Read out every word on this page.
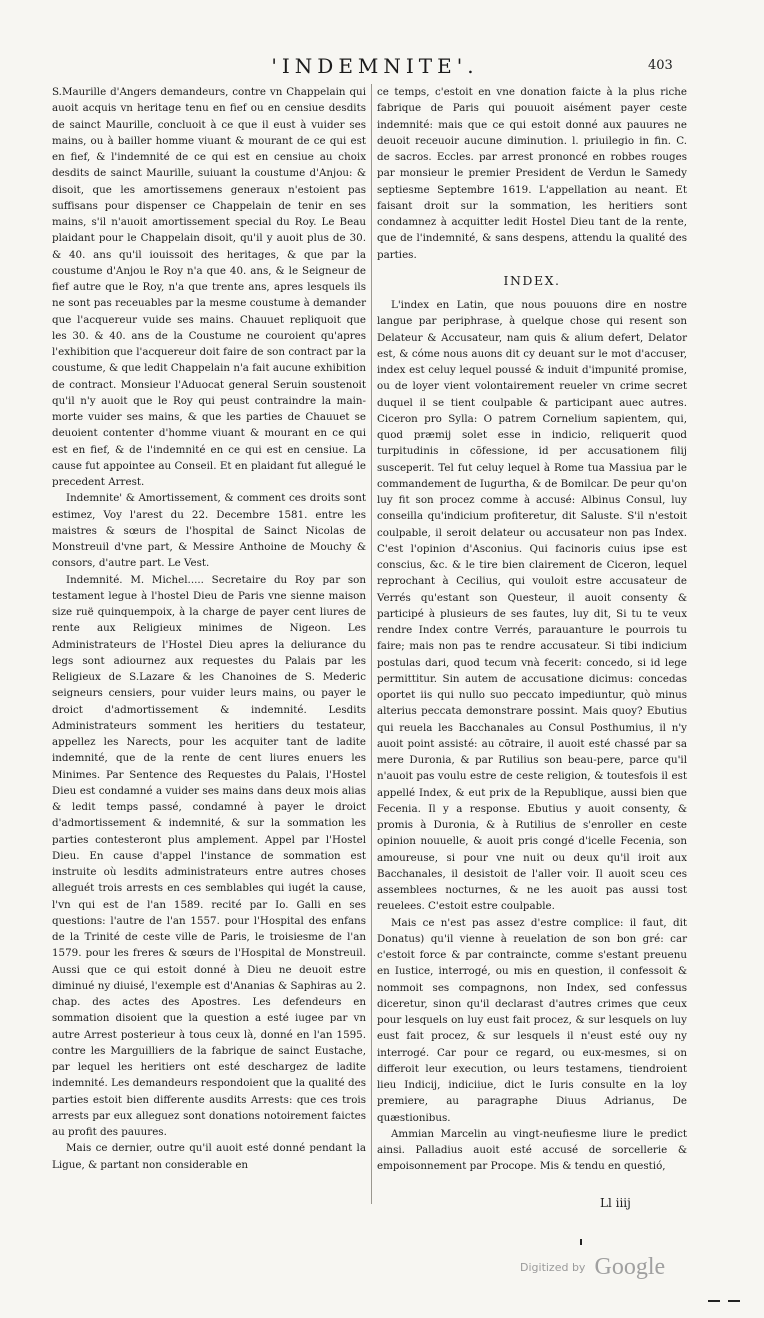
'INDEMNITE'.	403

S.Maurille d'Angers demandeurs, contre vn Chappelain qui auoit acquis vn heritage tenu en fief ou en censiue desdits de sainct Maurille, concluoit à ce que il eust à vuider ses mains, ou à bailler homme viuant & mourant de ce qui est en fief, & l'indemnité de ce qui est en censiue au choix desdits de sainct Maurille, suiuant la coustume d'Anjou: & disoit, que les amortissemens generaux n'estoient pas suffisans pour dispenser ce Chappelain de tenir en ses mains, s'il n'auoit amortissement special du Roy. Le Beau plaidant pour le Chappelain disoit, qu'il y auoit plus de 30. & 40. ans qu'il iouissoit des heritages, & que par la coustume d'Anjou le Roy n'a que 40. ans, & le Seigneur de fief autre que le Roy, n'a que trente ans, apres lesquels ils ne sont pas receuables par la mesme coustume à demander que l'acquereur vuide ses mains. Chauuet repliquoit que les 30. & 40. ans de la Coustume ne couroient qu'apres l'exhibition que l'acquereur doit faire de son contract par la coustume, & que ledit Chappelain n'a fait aucune exhibition de contract. Monsieur l'Aduocat general Seruin soustenoit qu'il n'y auoit que le Roy qui peust contraindre la main-morte vuider ses mains, & que les parties de Chauuet se deuoient contenter d'homme viuant & mourant en ce qui est en fief, & de l'indemnité en ce qui est en censiue. La cause fut appointee au Conseil. Et en plaidant fut allegué le precedent Arrest.

Indemnite' & Amortissement, & comment ces droits sont estimez, Voy l'arest du 22. Decembre 1581. entre les maistres & sœurs de l'hospital de Sainct Nicolas de Monstreuil d'vne part, & Messire Anthoine de Mouchy & consors, d'autre part. Le Vest.

Indemnité. M. Michel..... Secretaire du Roy par son testament legue à l'hostel Dieu de Paris vne sienne maison size ruë quinquempoix, à la charge de payer cent liures de rente aux Religieux minimes de Nigeon. Les Administrateurs de l'Hostel Dieu apres la deliurance du legs sont adiournez aux requestes du Palais par les Religieux de S.Lazare & les Chanoines de S. Mederic seigneurs censiers, pour vuider leurs mains, ou payer le droict d'admortissement & indemnité. Lesdits Administrateurs somment les heritiers du testateur, appellez les Narects, pour les acquiter tant de ladite indemnité, que de la rente de cent liures enuers les Minimes. Par Sentence des Requestes du Palais, l'Hostel Dieu est condamné a vuider ses mains dans deux mois alias & ledit temps passé, condamné à payer le droict d'admortissement & indemnité, & sur la sommation les parties contesteront plus amplement. Appel par l'Hostel Dieu. En cause d'appel l'instance de sommation est instruite où lesdits administrateurs entre autres choses alleguét trois arrests en ces semblables qui iugét la cause, l'vn qui est de l'an 1589. recité par Io. Galli en ses questions: l'autre de l'an 1557. pour l'Hospital des enfans de la Trinité de ceste ville de Paris, le troisiesme de l'an 1579. pour les freres & sœurs de l'Hospital de Monstreuil. Aussi que ce qui estoit donné à Dieu ne deuoit estre diminué ny diuisé, l'exemple est d'Ananias & Saphiras au 2. chap. des actes des Apostres. Les defendeurs en sommation disoient que la question a esté iugee par vn autre Arrest posterieur à tous ceux là, donné en l'an 1595. contre les Marguilliers de la fabrique de sainct Eustache, par lequel les heritiers ont esté deschargez de ladite indemnité. Les demandeurs respondoient que la qualité des parties estoit bien differente ausdits Arrests: que ces trois arrests par eux alleguez sont donations notoirement faictes au profit des pauures.

Mais ce dernier, outre qu'il auoit esté donné pendant la Ligue, & partant non considerable en

ce temps, c'estoit en vne donation faicte à la plus riche fabrique de Paris qui pouuoit aisément payer ceste indemnité: mais que ce qui estoit donné aux pauures ne deuoit receuoir aucune diminution. l. priuilegio in fin. C. de sacros. Eccles. par arrest prononcé en robbes rouges par monsieur le premier President de Verdun le Samedy septiesme Septembre 1619. L'appellation au neant. Et faisant droit sur la sommation, les heritiers sont condamnez à acquitter ledit Hostel Dieu tant de la rente, que de l'indemnité, & sans despens, attendu la qualité des parties.

INDEX.

L'index en Latin, que nous pouuons dire en nostre langue par periphrase, à quelque chose qui resent son Delateur & Accusateur, nam quis & alium defert, Delator est, & cóme nous auons dit cy deuant sur le mot d'accuser, index est celuy lequel poussé & induit d'impunité promise, ou de loyer vient volontairement reueler vn crime secret duquel il se tient coulpable & participant auec autres. Ciceron pro Sylla: O patrem Cornelium sapientem, qui, quod præmij solet esse in indicio, reliquerit quod turpitudinis in cõfessione, id per accusationem filij susceperit. Tel fut celuy lequel à Rome tua Massiua par le commandement de Iugurtha, & de Bomilcar. De peur qu'on luy fit son procez comme à accusé: Albinus Consul, luy conseilla qu'indicium profiteretur, dit Saluste. S'il n'estoit coulpable, il seroit delateur ou accusateur non pas Index. C'est l'opinion d'Asconius. Qui facinoris cuius ipse est conscius, &c. & le tire bien clairement de Ciceron, lequel reprochant à Cecilius, qui vouloit estre accusateur de Verrés qu'estant son Questeur, il auoit consenty & participé à plusieurs de ses fautes, luy dit, Si tu te veux rendre Index contre Verrés, parauanture le pourrois tu faire; mais non pas te rendre accusateur. Si tibi indicium postulas dari, quod tecum vnà fecerit: concedo, si id lege permittitur. Sin autem de accusatione dicimus: concedas oportet iis qui nullo suo peccato impediuntur, quò minus alterius peccata demonstrare possint. Mais quoy? Ebutius qui reuela les Bacchanales au Consul Posthumius, il n'y auoit point assisté: au cõtraire, il auoit esté chassé par sa mere Duronia, & par Rutilius son beau-pere, parce qu'il n'auoit pas voulu estre de ceste religion, & toutesfois il est appellé Index, & eut prix de la Republique, aussi bien que Fecenia. Il y a response. Ebutius y auoit consenty, & promis à Duronia, & à Rutilius de s'enroller en ceste opinion nouuelle, & auoit pris congé d'icelle Fecenia, son amoureuse, si pour vne nuit ou deux qu'il iroit aux Bacchanales, il desistoit de l'aller voir. Il auoit sceu ces assemblees nocturnes, & ne les auoit pas aussi tost reuelees. C'estoit estre coulpable.

Mais ce n'est pas assez d'estre complice: il faut, dit Donatus) qu'il vienne à reuelation de son bon gré: car c'estoit force & par contraincte, comme s'estant preuenu en Iustice, interrogé, ou mis en question, il confessoit & nommoit ses compagnons, non Index, sed confessus diceretur, sinon qu'il declarast d'autres crimes que ceux pour lesquels on luy eust fait procez, & sur lesquels on luy eust fait procez, & sur lesquels il n'eust esté ouy ny interrogé. Car pour ce regard, ou eux-mesmes, si on differoit leur execution, ou leurs testamens, tiendroient lieu Indicij, indiciiue, dict le Iuris consulte en la loy premiere, au paragraphe Diuus Adrianus, De quæstionibus.

Ammian Marcelin au vingt-neufiesme liure le predict ainsi. Palladius auoit esté accusé de sorcellerie & empoisonnement par Procope. Mis & tendu en questió,

Ll iiij
Digitized by Google
